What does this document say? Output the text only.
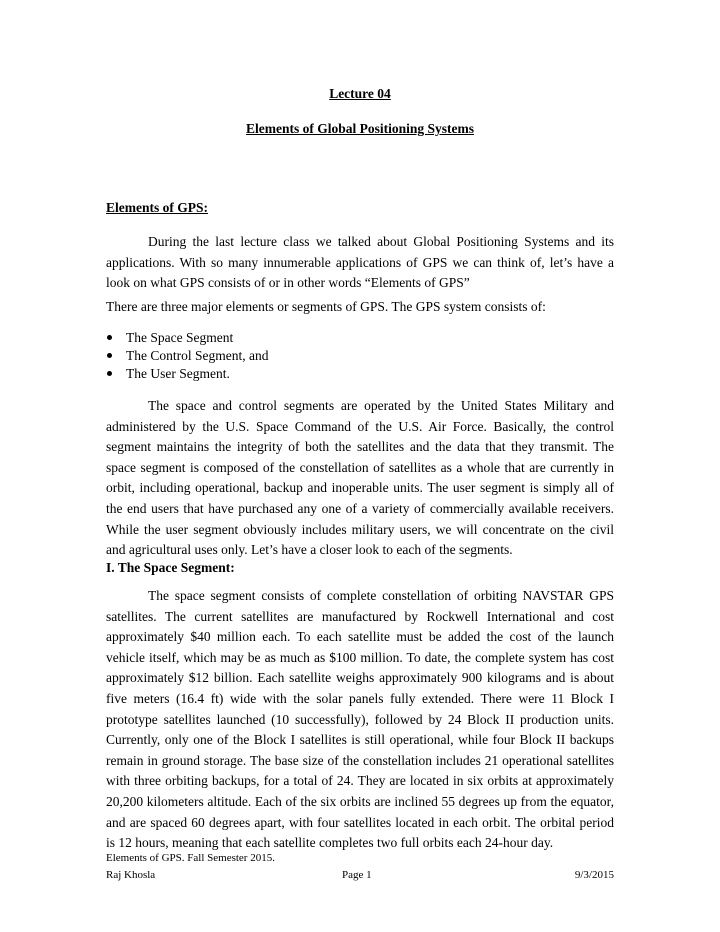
Lecture 04
Elements of Global Positioning Systems
Elements of GPS:

During the last lecture class we talked about Global Positioning Systems and its applications. With so many innumerable applications of GPS we can think of, let’s have a look on what GPS consists of or in other words “Elements of GPS”

There are three major elements or segments of GPS. The GPS system consists of:

The Space Segment
The Control Segment, and
The User Segment.

The space and control segments are operated by the United States Military and administered by the U.S. Space Command of the U.S. Air Force. Basically, the control segment maintains the integrity of both the satellites and the data that they transmit. The space segment is composed of the constellation of satellites as a whole that are currently in orbit, including operational, backup and inoperable units. The user segment is simply all of the end users that have purchased any one of a variety of commercially available receivers. While the user segment obviously includes military users, we will concentrate on the civil and agricultural uses only. Let’s have a closer look to each of the segments.

I. The Space Segment:

The space segment consists of complete constellation of orbiting NAVSTAR GPS satellites. The current satellites are manufactured by Rockwell International and cost approximately $40 million each. To each satellite must be added the cost of the launch vehicle itself, which may be as much as $100 million. To date, the complete system has cost approximately $12 billion. Each satellite weighs approximately 900 kilograms and is about five meters (16.4 ft) wide with the solar panels fully extended. There were 11 Block I prototype satellites launched (10 successfully), followed by 24 Block II production units. Currently, only one of the Block I satellites is still operational, while four Block II backups remain in ground storage. The base size of the constellation includes 21 operational satellites with three orbiting backups, for a total of 24. They are located in six orbits at approximately 20,200 kilometers altitude. Each of the six orbits are inclined 55 degrees up from the equator, and are spaced 60 degrees apart, with four satellites located in each orbit. The orbital period is 12 hours, meaning that each satellite completes two full orbits each 24-hour day.

Elements of GPS. Fall Semester 2015.
Raj Khosla	Page 1	9/3/2015
